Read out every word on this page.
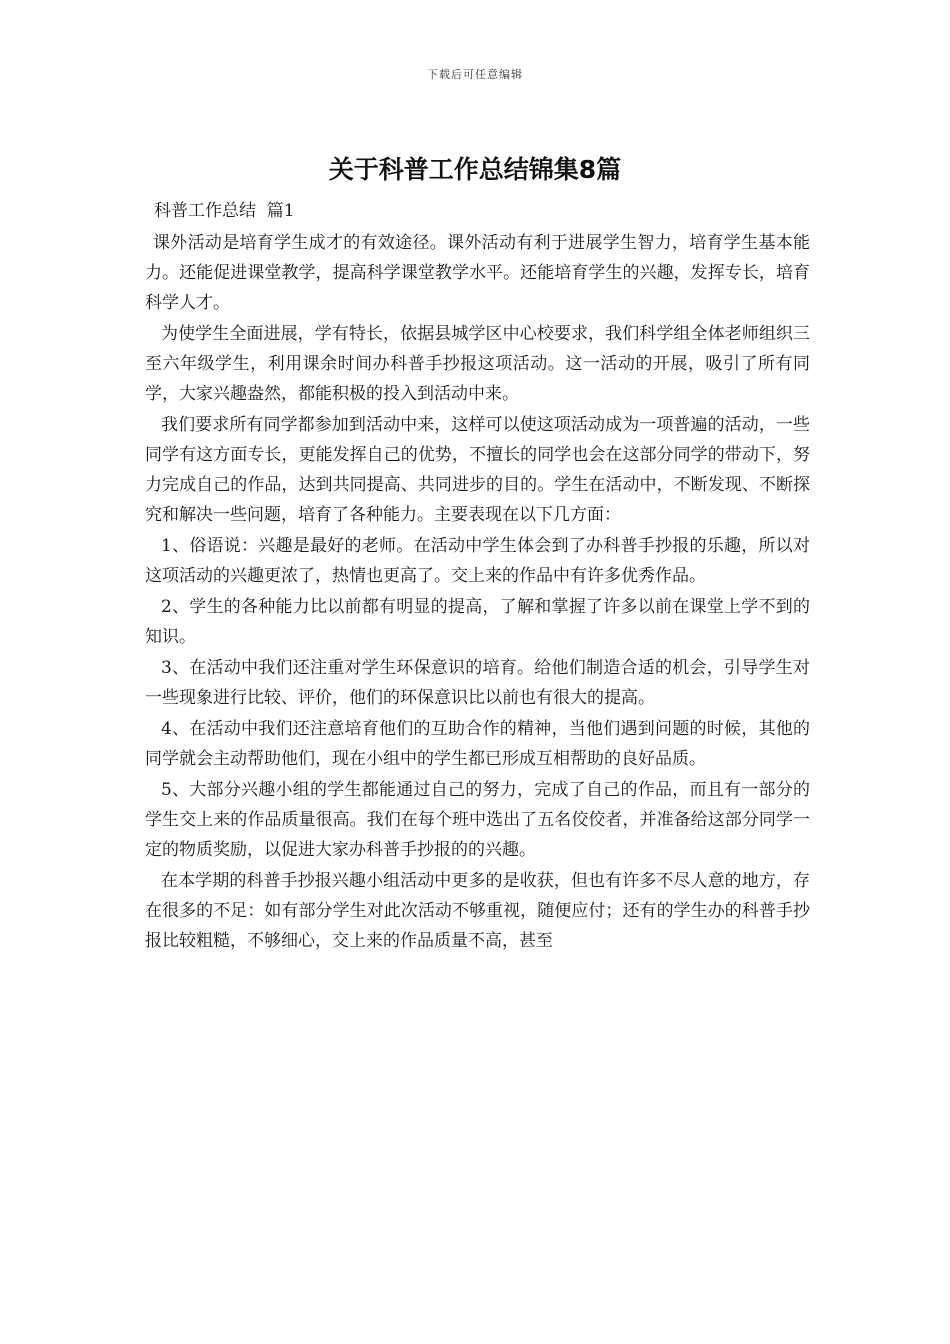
下载后可任意编辑
关于科普工作总结锦集8篇

科普工作总结  篇1

课外活动是培育学生成才的有效途径。课外活动有利于进展学生智力，培育学生基本能力。还能促进课堂教学，提高科学课堂教学水平。还能培育学生的兴趣，发挥专长，培育科学人才。

为使学生全面进展，学有特长，依据县城学区中心校要求，我们科学组全体老师组织三至六年级学生，利用课余时间办科普手抄报这项活动。这一活动的开展，吸引了所有同学，大家兴趣盎然，都能积极的投入到活动中来。

我们要求所有同学都参加到活动中来，这样可以使这项活动成为一项普遍的活动，一些同学有这方面专长，更能发挥自己的优势，不擅长的同学也会在这部分同学的带动下，努力完成自己的作品，达到共同提高、共同进步的目的。学生在活动中，不断发现、不断探究和解决一些问题，培育了各种能力。主要表现在以下几方面：

1、俗语说：兴趣是最好的老师。在活动中学生体会到了办科普手抄报的乐趣，所以对这项活动的兴趣更浓了，热情也更高了。交上来的作品中有许多优秀作品。

2、学生的各种能力比以前都有明显的提高，了解和掌握了许多以前在课堂上学不到的知识。

3、在活动中我们还注重对学生环保意识的培育。给他们制造合适的机会，引导学生对一些现象进行比较、评价，他们的环保意识比以前也有很大的提高。

4、在活动中我们还注意培育他们的互助合作的精神，当他们遇到问题的时候，其他的同学就会主动帮助他们，现在小组中的学生都已形成互相帮助的良好品质。

5、大部分兴趣小组的学生都能通过自己的努力，完成了自己的作品，而且有一部分的学生交上来的作品质量很高。我们在每个班中选出了五名佼佼者，并准备给这部分同学一定的物质奖励，以促进大家办科普手抄报的的兴趣。

在本学期的科普手抄报兴趣小组活动中更多的是收获，但也有许多不尽人意的地方，存在很多的不足：如有部分学生对此次活动不够重视，随便应付；还有的学生办的科普手抄报比较粗糙，不够细心，交上来的作品质量不高，甚至
